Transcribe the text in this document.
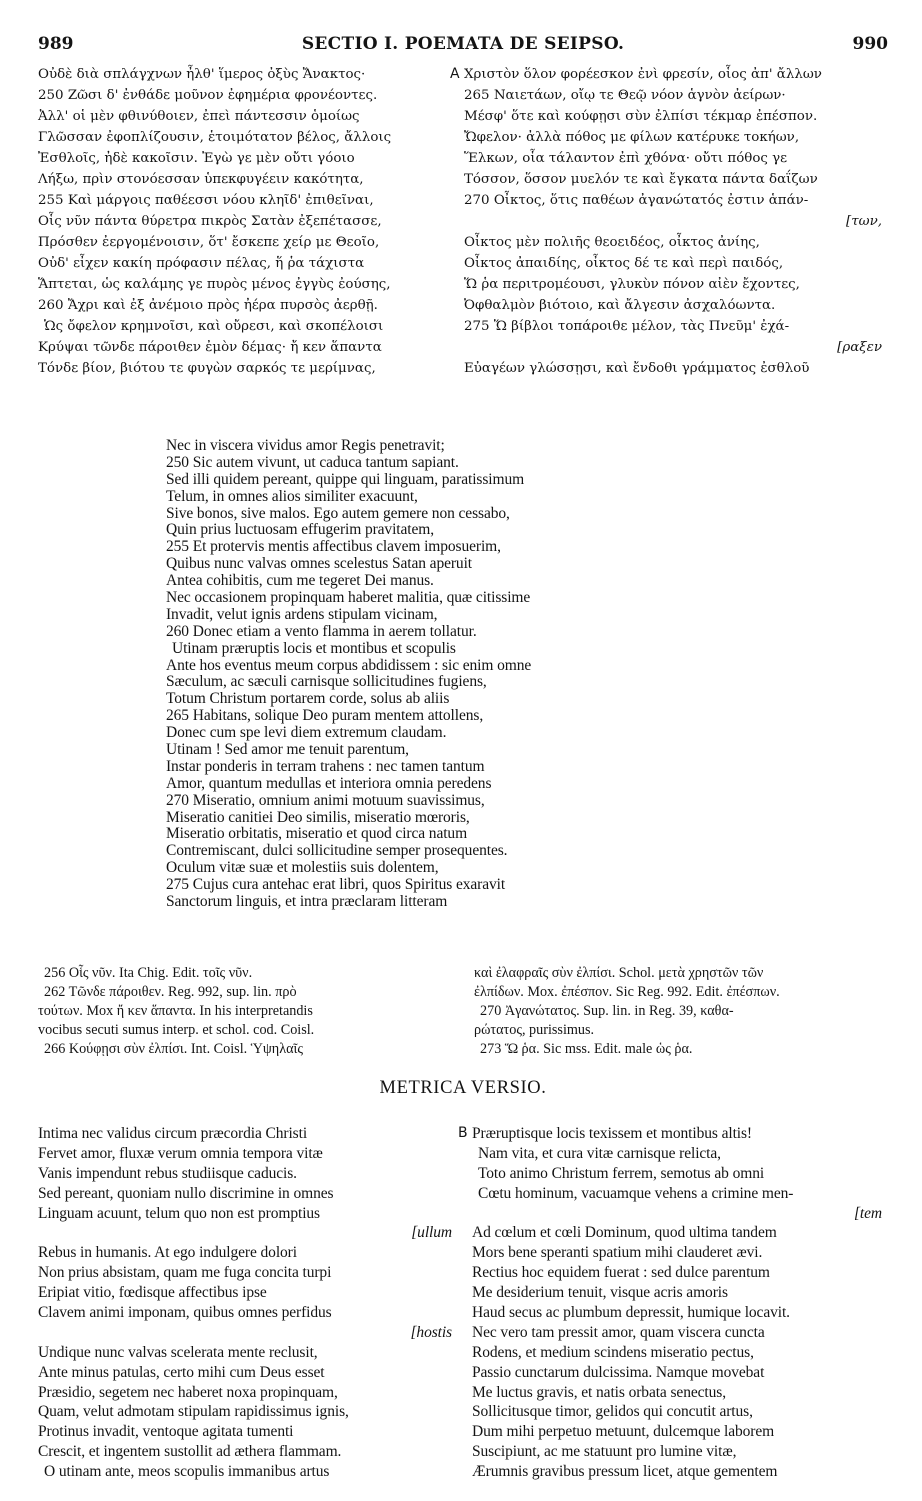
989	SECTIO I. POEMATA DE SEIPSO.	990
Οὐδὲ διὰ σπλάγχνων ἦλθ' ἵμερος ὀξὺς Ἄνακτος·
250 Ζῶσι δ' ἐνθάδε μοῦνον ἐφημέρια φρονέοντες.
Ἀλλ' οἱ μὲν φθινύθοιεν, ἐπεὶ πάντεσσιν ὁμοίως
Γλῶσσαν ἐφοπλίζουσιν, ἑτοιμότατον βέλος, ἄλλοις
Ἐσθλοῖς, ἠδὲ κακοῖσιν. Ἐγὼ γε μὲν οὔτι γόοιο
Λήξω, πρὶν στονόεσσαν ὑπεκφυγέειν κακότητα,
255 Καὶ μάργοις παθέεσσι νόου κληῖδ' ἐπιθεῖναι,
Οἷς νῦν πάντα θύρετρα πικρὸς Σατὰν ἐξεπέτασσε,
Πρόσθεν ἐεργομένοισιν, ὅτ' ἔσκεπε χείρ με Θεοῖο,
Οὐδ' εἶχεν κακίη πρόφασιν πέλας, ἥ ῥα τάχιστα
Ἅπτεται, ὡς καλάμης γε πυρὸς μένος ἐγγὺς ἐούσης,
260 Ἄχρι καὶ ἐξ ἀνέμοιο πρὸς ἠέρα πυρσὸς ἀερθῇ.
Ὡς ὄφελον κρημνοῖσι, καὶ οὔρεσι, καὶ σκοπέλοισι
Κρύψαι τῶνδε πάροιθεν ἐμὸν δέμας· ἤ κεν ἅπαντα
Τόνδε βίον, βιότου τε φυγὼν σαρκός τε μερίμνας,
A Χριστὸν ὅλον φορέεσκον ἐνὶ φρεσίν, οἷος ἀπ' ἄλλων
265 Ναιετάων, οἴῳ τε Θεῷ νόον ἁγνὸν ἀείρων·
Μέσφ' ὅτε καὶ κούφῃσι σὺν ἐλπίσι τέκμαρ ἐπέσπον.
Ὤφελον· ἀλλὰ πόθος με φίλων κατέρυκε τοκήων,
Ἕλκων, οἷα τάλαντον ἐπὶ χθόνα· οὔτι πόθος γε
Τόσσον, ὅσσον μυελόν τε καὶ ἔγκατα πάντα δαΐζων
270 Οἶκτος, ὅτις παθέων ἀγανώτατός ἐστιν ἁπάν-
[των,
Οἶκτος μὲν πολιῆς θεοειδέος, οἶκτος ἀνίης,
Οἶκτος ἀπαιδίης, οἶκτος δέ τε καὶ περὶ παιδός,
Ὥ ῥα περιτρομέουσι, γλυκὺν πόνον αἰὲν ἔχοντες,
Ὀφθαλμὸν βιότοιο, καὶ ἄλγεσιν ἀσχαλόωντα.
275 Ὥ βίβλοι τοπάροιθε μέλον, τὰς Πνεῦμ' ἐχά-
[ραξεν
Εὐαγέων γλώσσῃσι, καὶ ἔνδοθι γράμματος ἐσθλοῦ
Nec in viscera vividus amor Regis penetravit;
250 Sic autem vivunt, ut caduca tantum sapiant.
Sed illi quidem pereant, quippe qui linguam, paratissimum
Telum, in omnes alios similiter exacuunt,
Sive bonos, sive malos. Ego autem gemere non cessabo,
Quin prius luctuosam effugerim pravitatem,
255 Et protervis mentis affectibus clavem imposuerim,
Quibus nunc valvas omnes scelestus Satan aperuit
Antea cohibitis, cum me tegeret Dei manus.
Nec occasionem propinquam haberet malitia, quæ citissime
Invadit, velut ignis ardens stipulam vicinam,
260 Donec etiam a vento flamma in aerem tollatur.
Utinam præruptis locis et montibus et scopulis
Ante hos eventus meum corpus abdidissem : sic enim omne
Sæculum, ac sæculi carnisque sollicitudines fugiens,
Totum Christum portarem corde, solus ab aliis
265 Habitans, solique Deo puram mentem attollens,
Donec cum spe levi diem extremum claudam.
Utinam ! Sed amor me tenuit parentum,
Instar ponderis in terram trahens : nec tamen tantum
Amor, quantum medullas et interiora omnia peredens
270 Miseratio, omnium animi motuum suavissimus,
Miseratio canitiei Deo similis, miseratio mœroris,
Miseratio orbitatis, miseratio et quod circa natum
Contremiscant, dulci sollicitudine semper prosequentes.
Oculum vitæ suæ et molestiis suis dolentem,
275 Cujus cura antehac erat libri, quos Spiritus exaravit
Sanctorum linguis, et intra præclaram litteram
256 Οἷς νῦν. Ita Chig. Edit. τοῖς νῦν.
262 Τῶνδε πάροιθεν. Reg. 992, sup. lin. πρὸ
τούτων. Mox ἤ κεν ἅπαντα. In his interpretandis
vocibus secuti sumus interp. et schol. cod. Coisl.
266 Κούφῃσι σὺν ἐλπίσι. Int. Coisl. Ὑψηλαῖς
καὶ ἐλαφραῖς σὺν ἐλπίσι. Schol. μετὰ χρηστῶν τῶν
ἐλπίδων. Mox. ἐπέσπον. Sic Reg. 992. Edit. ἐπέσπων.
270 Ἀγανώτατος. Sup. lin. in Reg. 39, καθα-
ρώτατος, purissimus.
273 Ὥ ῥα. Sic mss. Edit. male ὡς ῥα.
METRICA VERSIO.
Intima nec validus circum præcordia Christi
Fervet amor, fluxæ verum omnia tempora vitæ
Vanis impendunt rebus studiisque caducis.
Sed pereant, quoniam nullo discrimine in omnes
Linguam acuunt, telum quo non est promptius
[ullum
Rebus in humanis. At ego indulgere dolori
Non prius absistam, quam me fuga concita turpi
Eripiat vitio, fœdisque affectibus ipse
Clavem animi imponam, quibus omnes perfidus
[hostis
Undique nunc valvas scelerata mente reclusit,
Ante minus patulas, certo mihi cum Deus esset
Præsidio, segetem nec haberet noxa propinquam,
Quam, velut admotam stipulam rapidissimus ignis,
Protinus invadit, ventoque agitata tumenti
Crescit, et ingentem sustollit ad æthera flammam.
O utinam ante, meos scopulis immanibus artus
B Præruptisque locis texissem et montibus altis!
Nam vita, et cura vitæ carnisque relicta,
Toto animo Christum ferrem, semotus ab omni
Cœtu hominum, vacuamque vehens a crimine men-
[tem
Ad cœlum et cœli Dominum, quod ultima tandem
Mors bene speranti spatium mihi clauderet ævi.
Rectius hoc equidem fuerat : sed dulce parentum
Me desiderium tenuit, visque acris amoris
Haud secus ac plumbum depressit, humique locavit.
Nec vero tam pressit amor, quam viscera cuncta
Rodens, et medium scindens miseratio pectus,
Passio cunctarum dulcissima. Namque movebat
Me luctus gravis, et natis orbata senectus,
Sollicitusque timor, gelidos qui concutit artus,
Dum mihi perpetuo metuunt, dulcemque laborem
Suscipiunt, ac me statuunt pro lumine vitæ,
Ærumnis gravibus pressum licet, atque gementem
